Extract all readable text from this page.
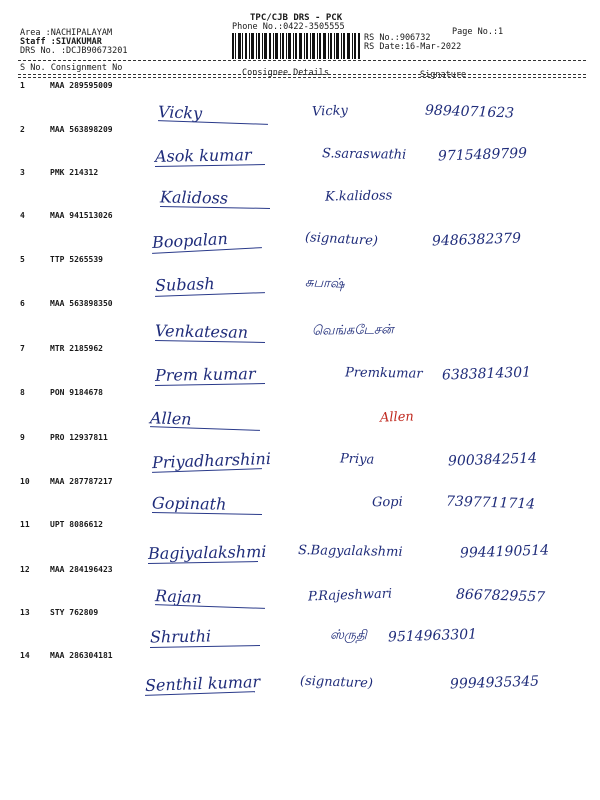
TPC/CJB DRS - PCK
Phone No.:0422-3505555	Page No.:1
Area :NACHIPALAYAM
Staff :SIVAKUMAR
DRS No. :DCJB90673201
RS No.:906732
RS Date:16-Mar-2022
S No. Consignment No	Consignee Details	Signature
1	MAA 289595009
Vicky	Vicky	9894071623
2	MAA 563898209
Asok kumar	S.saraswathi 9715489799
3	PMK 214312
Kalidoss	K.kalidoss
4	MAA 941513026
Boopalan	(signature)	9486382379
5	TTP 5265539
Subash	சுபாஷ்
6	MAA 563898350
Venkatesan	வெங்கடேசன்
7	MTR 2185962
Prem kumar	Premkumar 6383814301
8	PON 9184678
Allen	Allen
9	PRO 12937811
Priyadharshini	Priya	9003842514
10	MAA 287787217
Gopinath	Gopi	7397711714
11	UPT 8086612
Bagiyalakshmi S.Bagyalakshmi	9944190514
12	MAA 284196423
Rajan	P.Rajeshwari	8667829557
13	STY 762809
Shruthi	ஸ்ருதி 9514963301
14	MAA 286304181
Senthil kumar	(signature)	9994935345
